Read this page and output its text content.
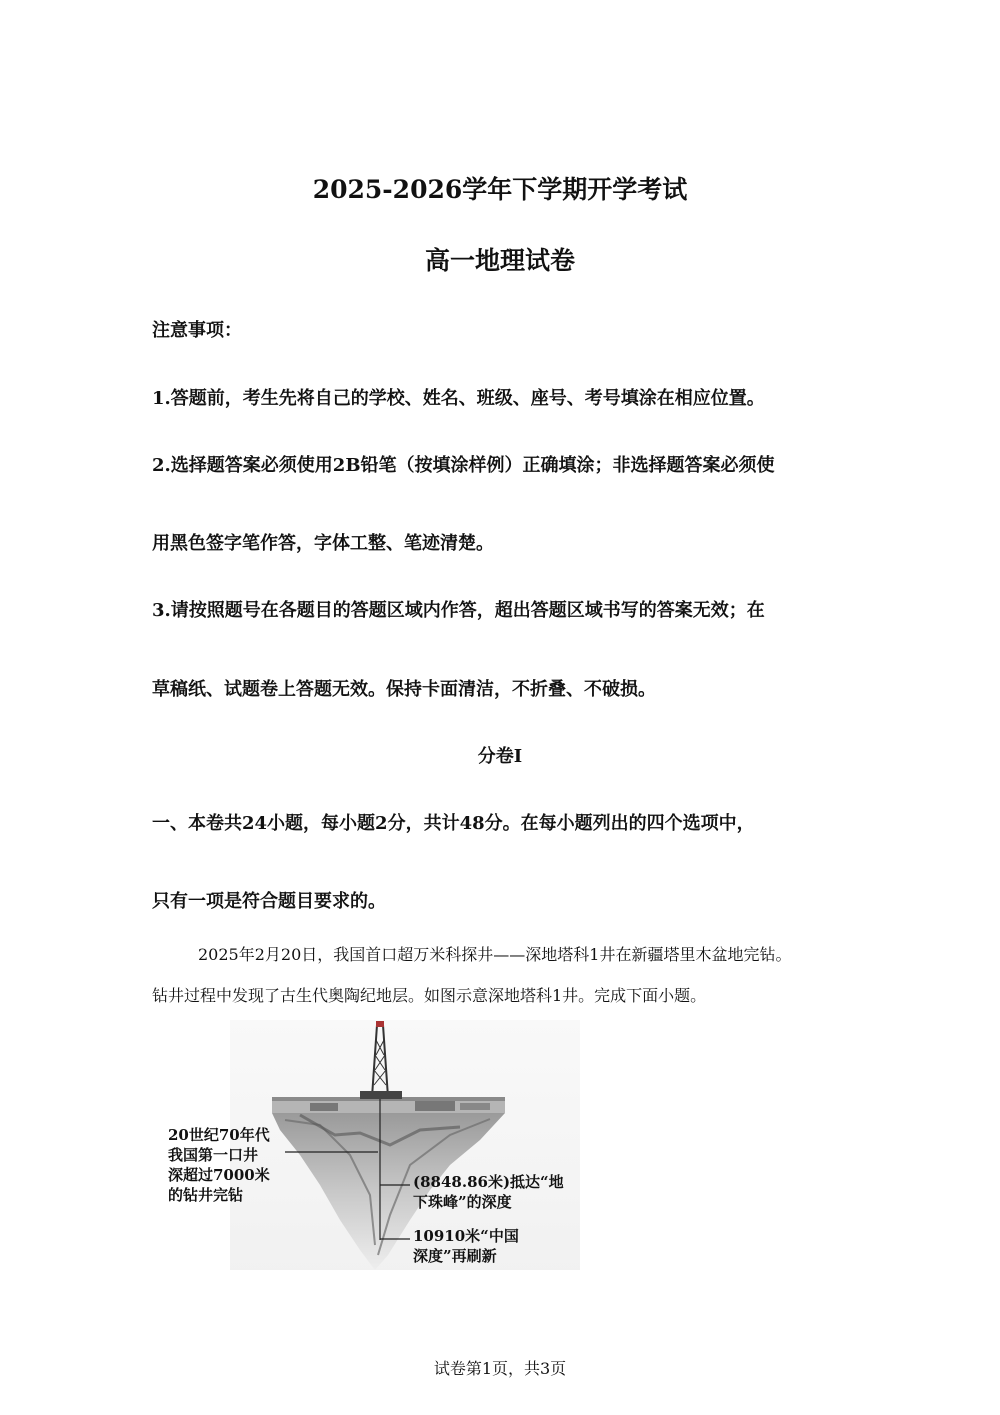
2025-2026学年下学期开学考试
高一地理试卷
注意事项：
1.答题前，考生先将自己的学校、姓名、班级、座号、考号填涂在相应位置。
2.选择题答案必须使用2B铅笔（按填涂样例）正确填涂；非选择题答案必须使
用黑色签字笔作答，字体工整、笔迹清楚。
3.请按照题号在各题目的答题区域内作答，超出答题区域书写的答案无效；在
草稿纸、试题卷上答题无效。保持卡面清洁，不折叠、不破损。
分卷I
一、本卷共24小题，每小题2分，共计48分。在每小题列出的四个选项中，
只有一项是符合题目要求的。
2025年2月20日，我国首口超万米科探井——深地塔科1井在新疆塔里木盆地完钻。
钻井过程中发现了古生代奥陶纪地层。如图示意深地塔科1井。完成下面小题。
20世纪70年代
我国第一口井
深超过7000米
的钻井完钻
(8848.86米)抵达“地
下珠峰”的深度
10910米“中国
深度”再刷新
试卷第1页，共3页
